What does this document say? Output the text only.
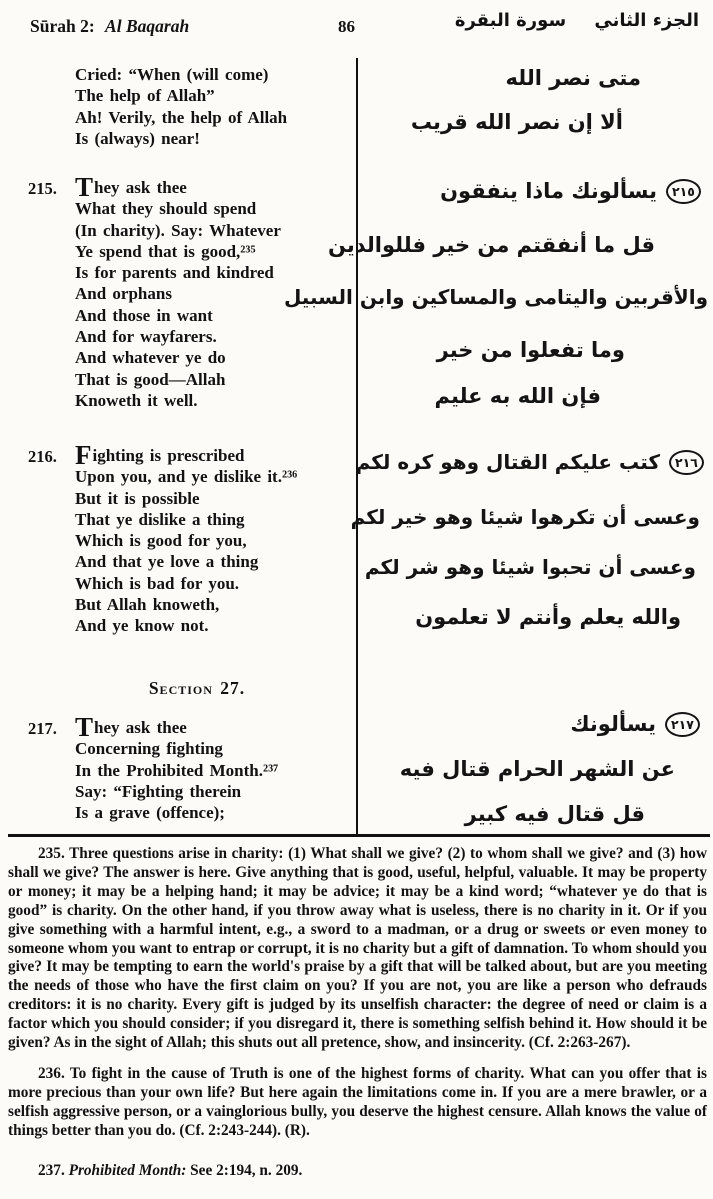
Sūrah 2: Al Baqarah	86	الجزء الثاني سورة البقرة
Cried: “When (will come)
The help of Allah”
Ah! Verily, the help of Allah
Is (always) near!
215. They ask thee
What they should spend
(In charity). Say: Whatever
Ye spend that is good,²³⁵
Is for parents and kindred
And orphans
And those in want
And for wayfarers.
And whatever ye do
That is good—Allah
Knoweth it well.
216. Fighting is prescribed
Upon you, and ye dislike it.²³⁶
But it is possible
That ye dislike a thing
Which is good for you,
And that ye love a thing
Which is bad for you.
But Allah knoweth,
And ye know not.
Section 27.
217. They ask thee
Concerning fighting
In the Prohibited Month.²³⁷
Say: “Fighting therein
Is a grave (offence);
متى نصر الله
ألا إن نصر الله قريب
٢١٥يسألونك ماذا ينفقون
قل ما أنفقتم من خير فللوالدين
والأقربين واليتامى والمساكين وابن السبيل
وما تفعلوا من خير
فإن الله به عليم
٢١٦كتب عليكم القتال وهو كره لكم
وعسى أن تكرهوا شيئا وهو خير لكم
وعسى أن تحبوا شيئا وهو شر لكم
والله يعلم وأنتم لا تعلمون
٢١٧يسألونك
عن الشهر الحرام قتال فيه
قل قتال فيه كبير

235. Three questions arise in charity: (1) What shall we give? (2) to whom shall we give? and (3) how shall we give? The answer is here. Give anything that is good, useful, helpful, valuable. It may be property or money; it may be a helping hand; it may be advice; it may be a kind word; “whatever ye do that is good” is charity. On the other hand, if you throw away what is useless, there is no charity in it. Or if you give something with a harmful intent, e.g., a sword to a madman, or a drug or sweets or even money to someone whom you want to entrap or corrupt, it is no charity but a gift of damnation. To whom should you give? It may be tempting to earn the world's praise by a gift that will be talked about, but are you meeting the needs of those who have the first claim on you? If you are not, you are like a person who defrauds creditors: it is no charity. Every gift is judged by its unselfish character: the degree of need or claim is a factor which you should consider; if you disregard it, there is something selfish behind it. How should it be given? As in the sight of Allah; this shuts out all pretence, show, and insincerity. (Cf. 2:263-267).

236. To fight in the cause of Truth is one of the highest forms of charity. What can you offer that is more precious than your own life? But here again the limitations come in. If you are a mere brawler, or a selfish aggressive person, or a vainglorious bully, you deserve the highest censure. Allah knows the value of things better than you do. (Cf. 2:243-244). (R).

237. Prohibited Month: See 2:194, n. 209.
